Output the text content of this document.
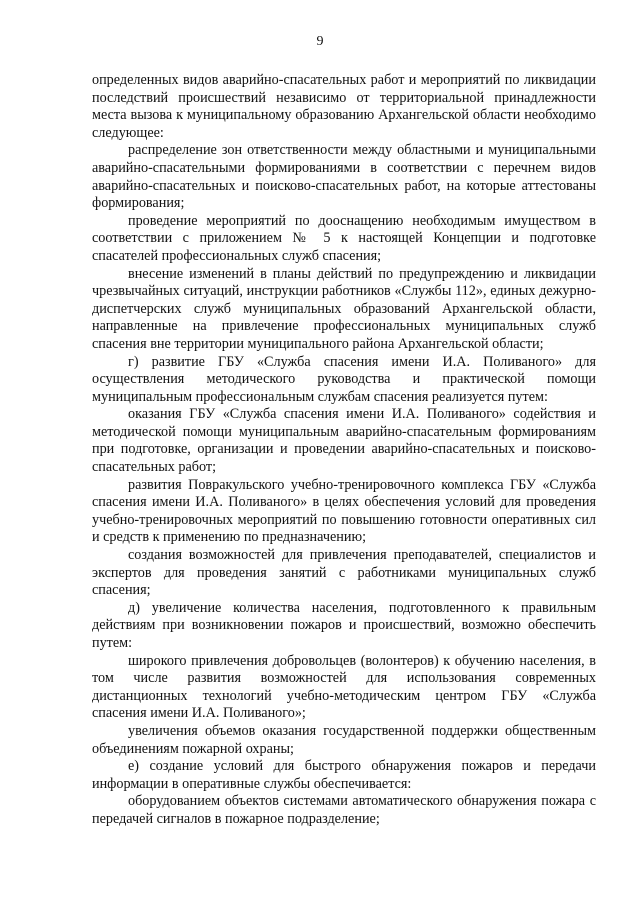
9

определенных видов аварийно-спасательных работ и мероприятий по ликвидации последствий происшествий независимо от территориальной принадлежности места вызова к муниципальному образованию Архангельской области необходимо следующее:

распределение зон ответственности между областными и муниципальными аварийно-спасательными формированиями в соответствии с перечнем видов аварийно-спасательных и поисково-спасательных работ, на которые аттестованы формирования;

проведение мероприятий по дооснащению необходимым имуществом в соответствии с приложением № 5 к настоящей Концепции и подготовке спасателей профессиональных служб спасения;

внесение изменений в планы действий по предупреждению и ликвидации чрезвычайных ситуаций, инструкции работников «Службы 112», единых дежурно-диспетчерских служб муниципальных образований Архангельской области, направленные на привлечение профессиональных муниципальных служб спасения вне территории муниципального района Архангельской области;

г) развитие ГБУ «Служба спасения имени И.А. Поливаного» для осуществления методического руководства и практической помощи муниципальным профессиональным службам спасения реализуется путем:

оказания ГБУ «Служба спасения имени И.А. Поливаного» содействия и методической помощи муниципальным аварийно-спасательным формированиям при подготовке, организации и проведении аварийно-спасательных и поисково-спасательных работ;

развития Повракульского учебно-тренировочного комплекса ГБУ «Служба спасения имени И.А. Поливаного» в целях обеспечения условий для проведения учебно-тренировочных мероприятий по повышению готовности оперативных сил и средств к применению по предназначению;

создания возможностей для привлечения преподавателей, специалистов и экспертов для проведения занятий с работниками муниципальных служб спасения;

д) увеличение количества населения, подготовленного к правильным действиям при возникновении пожаров и происшествий, возможно обеспечить путем:

широкого привлечения добровольцев (волонтеров) к обучению населения, в том числе развития возможностей для использования современных дистанционных технологий учебно-методическим центром ГБУ «Служба спасения имени И.А. Поливаного»;

увеличения объемов оказания государственной поддержки общественным объединениям пожарной охраны;

е) создание условий для быстрого обнаружения пожаров и передачи информации в оперативные службы обеспечивается:

оборудованием объектов системами автоматического обнаружения пожара с передачей сигналов в пожарное подразделение;
